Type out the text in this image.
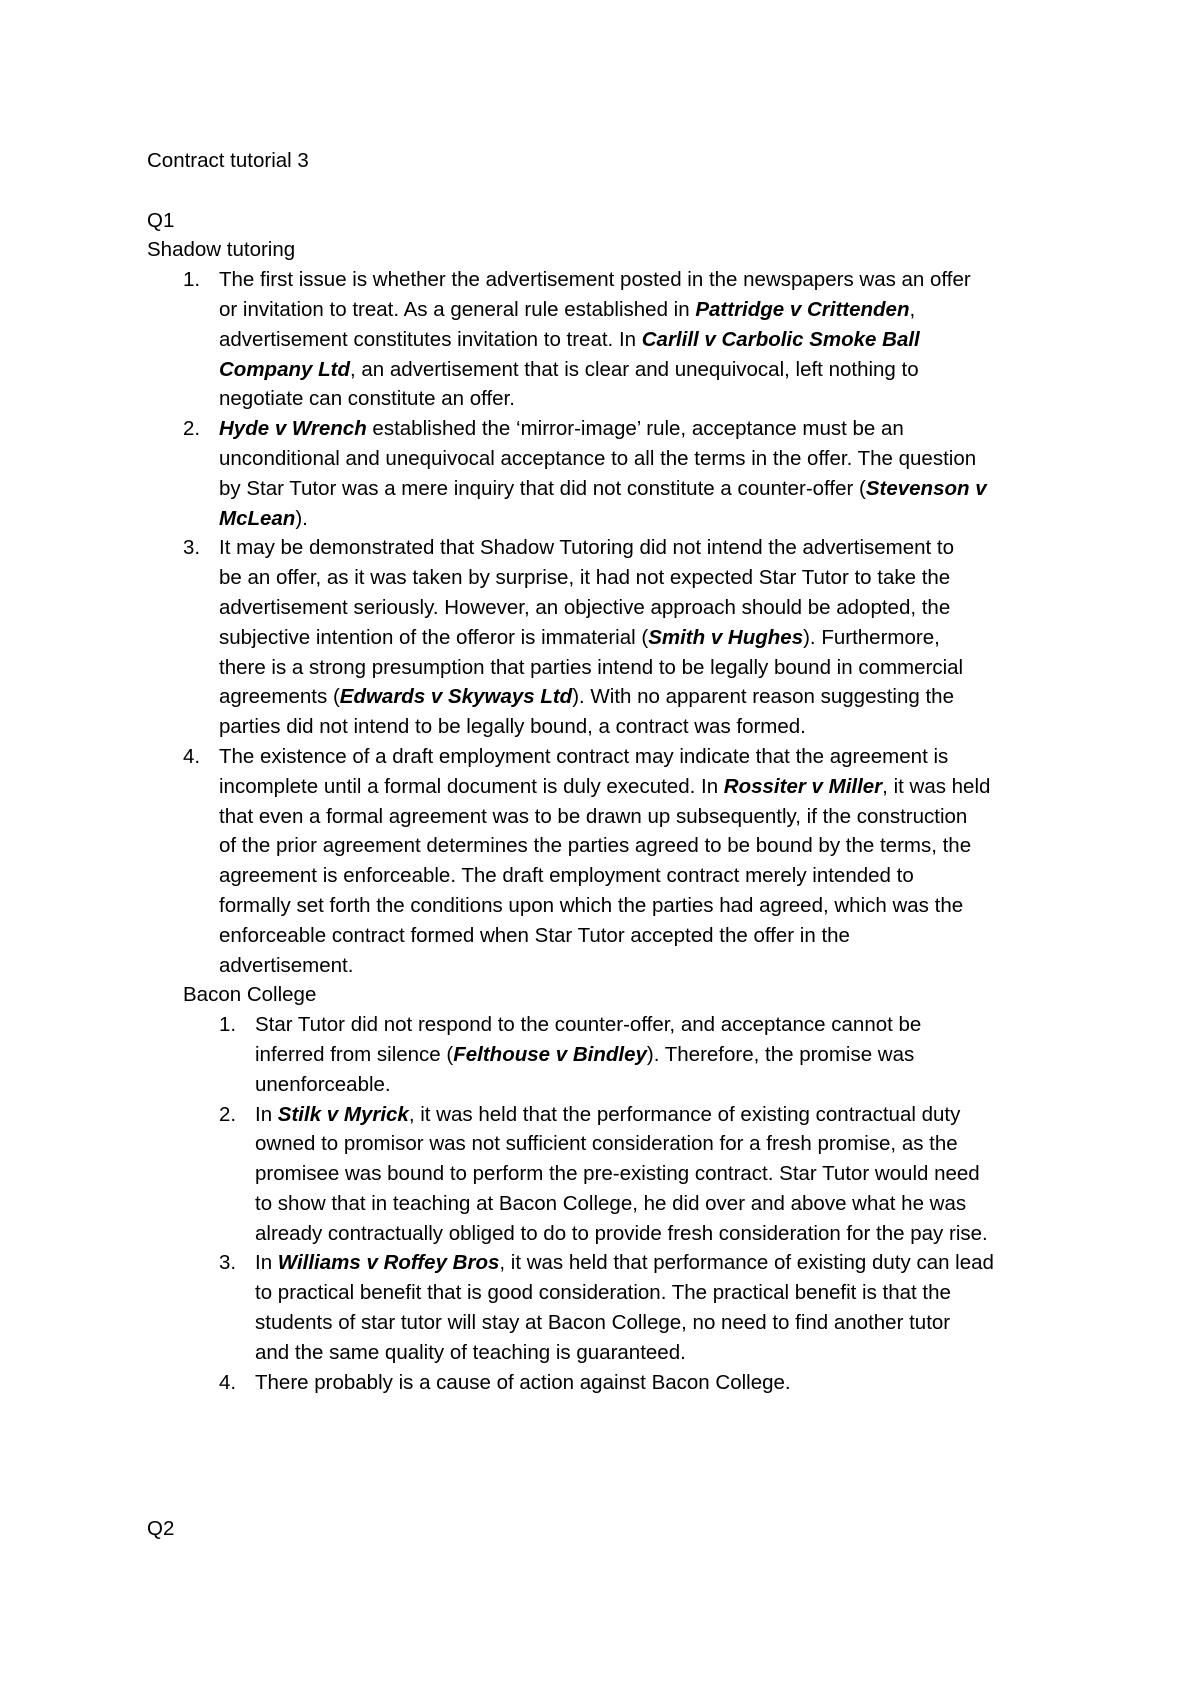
Contract tutorial 3
Q1
Shadow tutoring
1. The first issue is whether the advertisement posted in the newspapers was an offer
or invitation to treat. As a general rule established in Pattridge v Crittenden,
advertisement constitutes invitation to treat. In Carlill v Carbolic Smoke Ball
Company Ltd, an advertisement that is clear and unequivocal, left nothing to
negotiate can constitute an offer.
2. Hyde v Wrench established the ‘mirror-image’ rule, acceptance must be an
unconditional and unequivocal acceptance to all the terms in the offer. The question
by Star Tutor was a mere inquiry that did not constitute a counter-offer (Stevenson v
McLean).
3. It may be demonstrated that Shadow Tutoring did not intend the advertisement to
be an offer, as it was taken by surprise, it had not expected Star Tutor to take the
advertisement seriously. However, an objective approach should be adopted, the
subjective intention of the offeror is immaterial (Smith v Hughes). Furthermore,
there is a strong presumption that parties intend to be legally bound in commercial
agreements (Edwards v Skyways Ltd). With no apparent reason suggesting the
parties did not intend to be legally bound, a contract was formed.
4. The existence of a draft employment contract may indicate that the agreement is
incomplete until a formal document is duly executed. In Rossiter v Miller, it was held
that even a formal agreement was to be drawn up subsequently, if the construction
of the prior agreement determines the parties agreed to be bound by the terms, the
agreement is enforceable. The draft employment contract merely intended to
formally set forth the conditions upon which the parties had agreed, which was the
enforceable contract formed when Star Tutor accepted the offer in the
advertisement.
Bacon College
1. Star Tutor did not respond to the counter-offer, and acceptance cannot be
inferred from silence (Felthouse v Bindley). Therefore, the promise was
unenforceable.
2. In Stilk v Myrick, it was held that the performance of existing contractual duty
owned to promisor was not sufficient consideration for a fresh promise, as the
promisee was bound to perform the pre-existing contract. Star Tutor would need
to show that in teaching at Bacon College, he did over and above what he was
already contractually obliged to do to provide fresh consideration for the pay rise.
3. In Williams v Roffey Bros, it was held that performance of existing duty can lead
to practical benefit that is good consideration. The practical benefit is that the
students of star tutor will stay at Bacon College, no need to find another tutor
and the same quality of teaching is guaranteed.
4. There probably is a cause of action against Bacon College.
Q2
